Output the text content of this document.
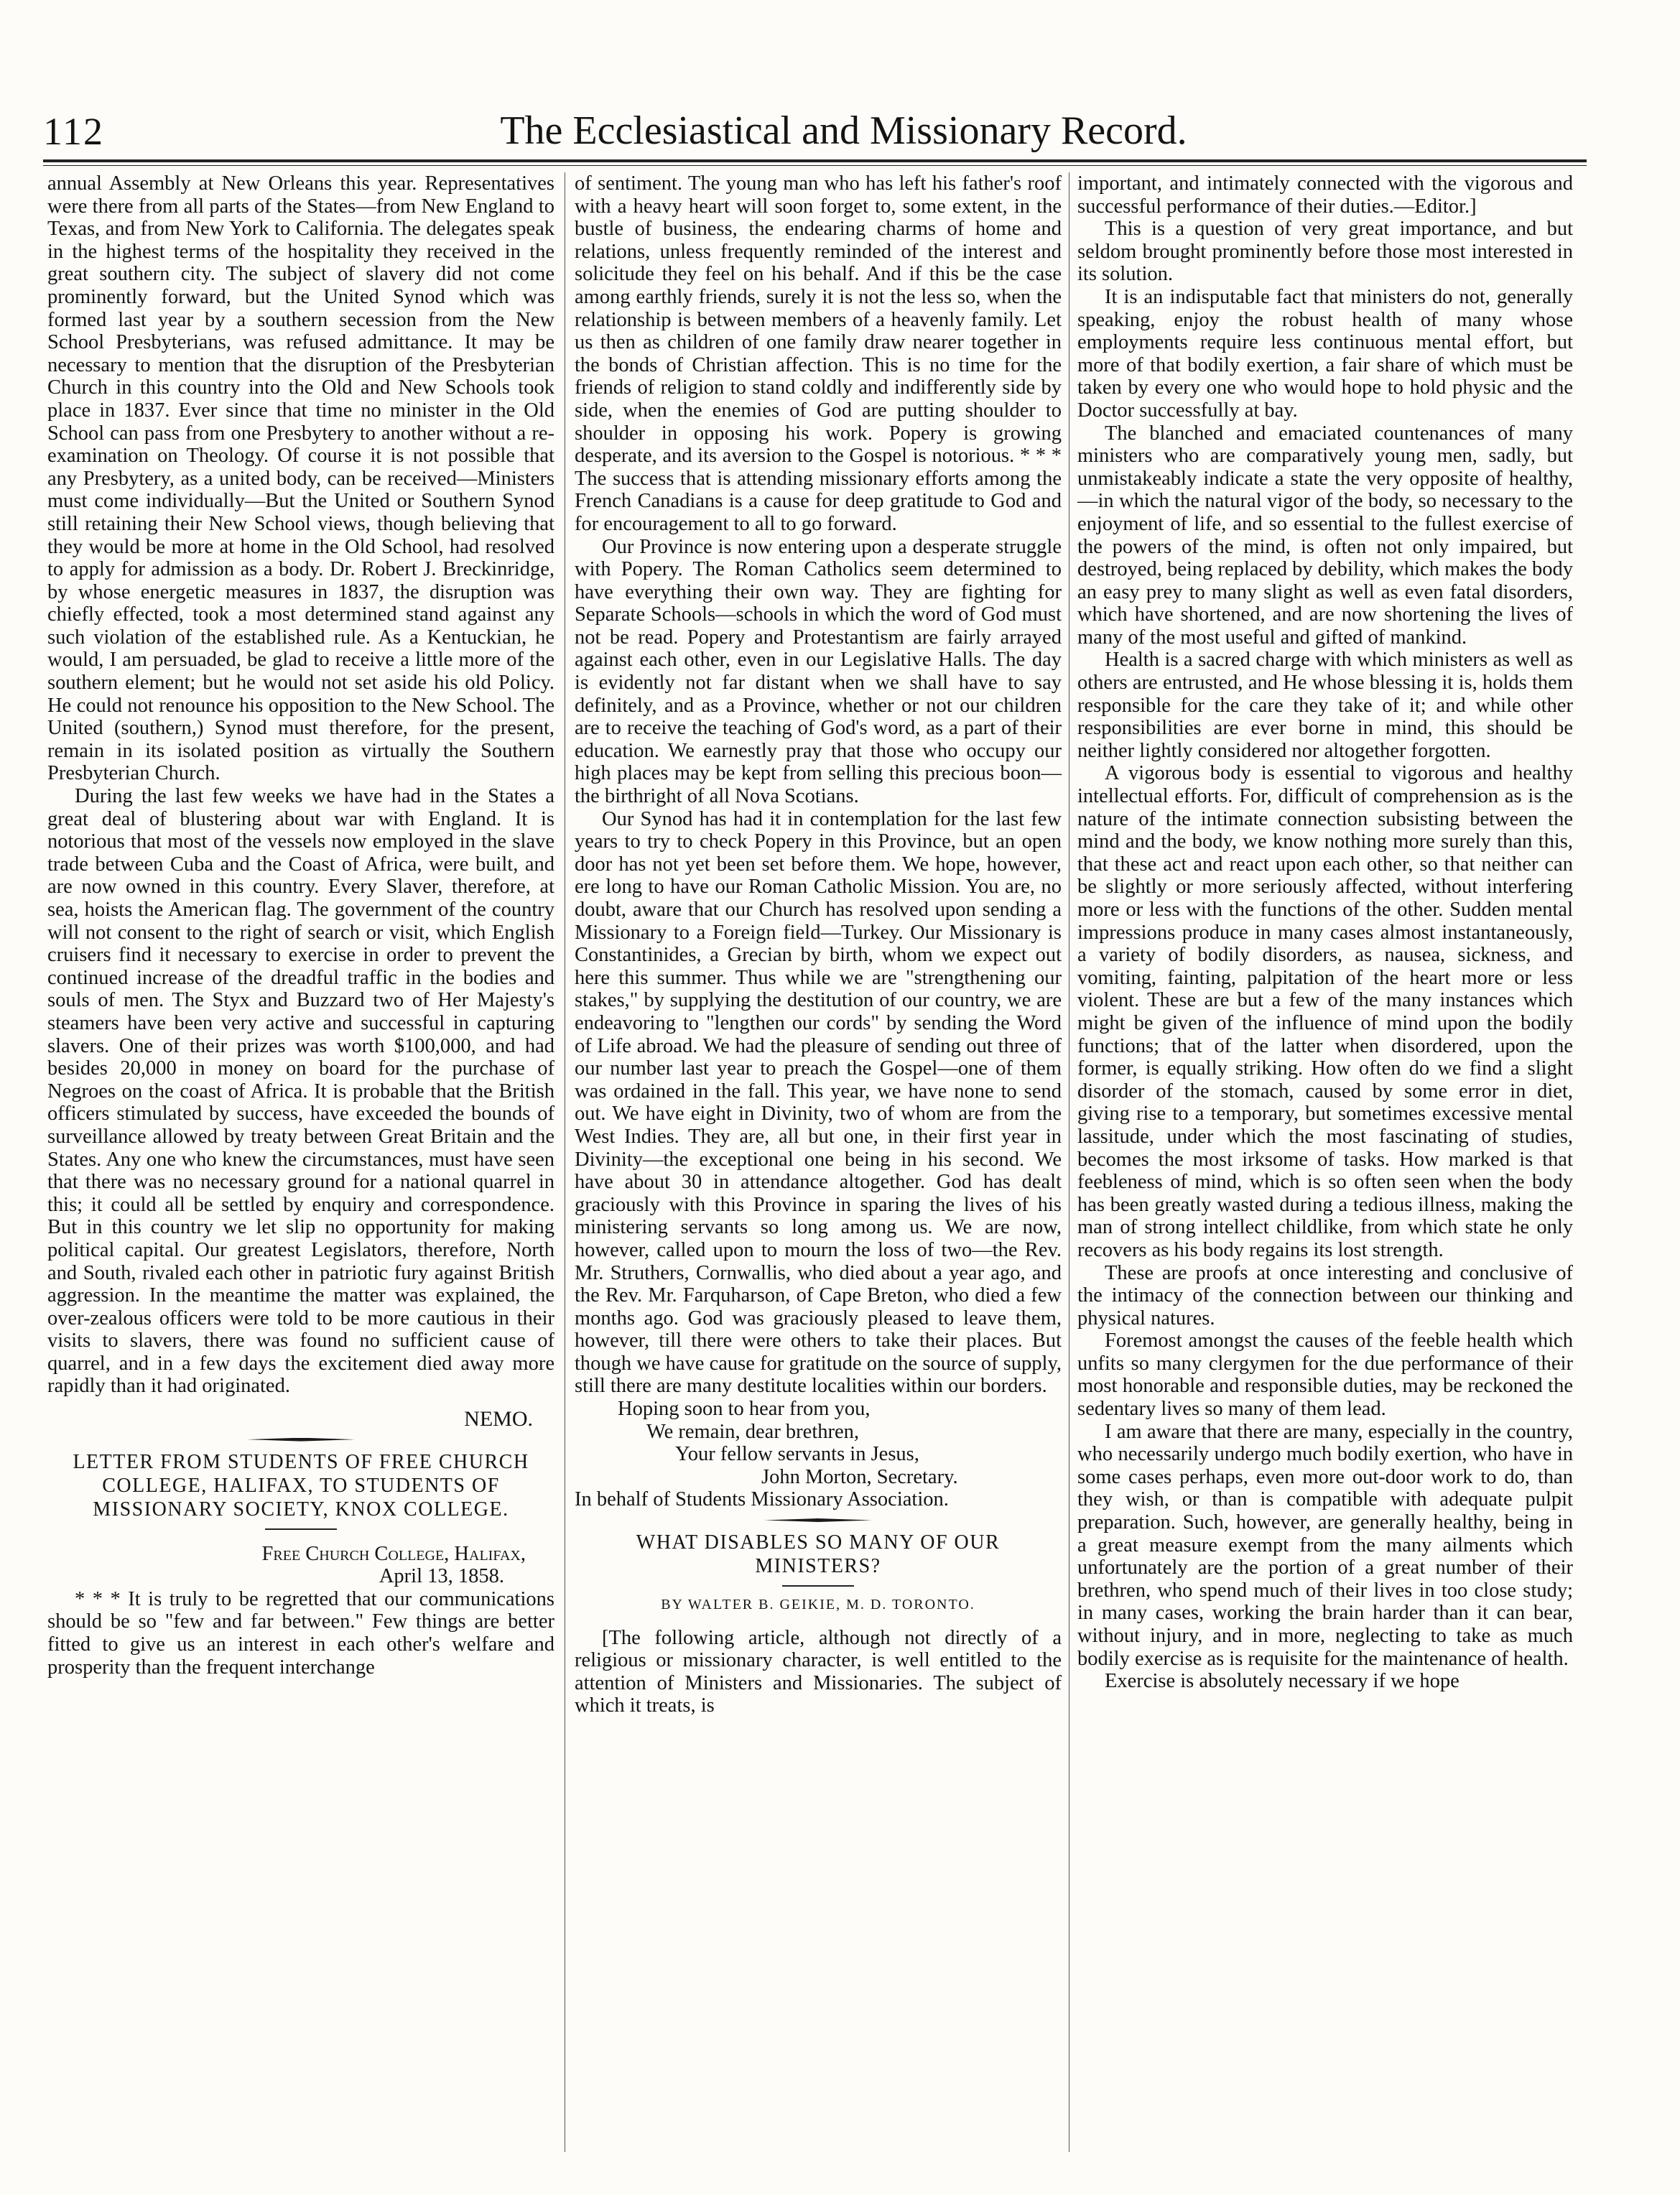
112	The Ecclesiastical and Missionary Record.

annual Assembly at New Orleans this year. Representatives were there from all parts of the States—from New England to Texas, and from New York to California. The delegates speak in the highest terms of the hospitality they received in the great southern city. The subject of slavery did not come prominently forward, but the United Synod which was formed last year by a southern secession from the New School Presbyterians, was refused admittance. It may be necessary to mention that the disruption of the Presbyterian Church in this country into the Old and New Schools took place in 1837. Ever since that time no minister in the Old School can pass from one Presbytery to another without a re-examination on Theology. Of course it is not possible that any Presbytery, as a united body, can be received—Ministers must come individually—But the United or Southern Synod still retaining their New School views, though believing that they would be more at home in the Old School, had resolved to apply for admission as a body. Dr. Robert J. Breckinridge, by whose energetic measures in 1837, the disruption was chiefly effected, took a most determined stand against any such violation of the established rule. As a Kentuckian, he would, I am persuaded, be glad to receive a little more of the southern element; but he would not set aside his old Policy. He could not renounce his opposition to the New School. The United (southern,) Synod must therefore, for the present, remain in its isolated position as virtually the Southern Presbyterian Church.

During the last few weeks we have had in the States a great deal of blustering about war with England. It is notorious that most of the vessels now employed in the slave trade between Cuba and the Coast of Africa, were built, and are now owned in this country. Every Slaver, therefore, at sea, hoists the American flag. The government of the country will not consent to the right of search or visit, which English cruisers find it necessary to exercise in order to prevent the continued increase of the dreadful traffic in the bodies and souls of men. The Styx and Buzzard two of Her Majesty's steamers have been very active and successful in capturing slavers. One of their prizes was worth $100,000, and had besides 20,000 in money on board for the purchase of Negroes on the coast of Africa. It is probable that the British officers stimulated by success, have exceeded the bounds of surveillance allowed by treaty between Great Britain and the States. Any one who knew the circumstances, must have seen that there was no necessary ground for a national quarrel in this; it could all be settled by enquiry and correspondence. But in this country we let slip no opportunity for making political capital. Our greatest Legislators, therefore, North and South, rivaled each other in patriotic fury against British aggression. In the meantime the matter was explained, the over-zealous officers were told to be more cautious in their visits to slavers, there was found no sufficient cause of quarrel, and in a few days the excitement died away more rapidly than it had originated.

NEMO.
LETTER FROM STUDENTS OF FREE CHURCH COLLEGE, HALIFAX, TO STUDENTS OF MISSIONARY SOCIETY, KNOX COLLEGE.
Free Church College, Halifax,
April 13, 1858.

* * * It is truly to be regretted that our communications should be so "few and far between." Few things are better fitted to give us an interest in each other's welfare and prosperity than the frequent interchange

of sentiment. The young man who has left his father's roof with a heavy heart will soon forget to, some extent, in the bustle of business, the endearing charms of home and relations, unless frequently reminded of the interest and solicitude they feel on his behalf. And if this be the case among earthly friends, surely it is not the less so, when the relationship is between members of a heavenly family. Let us then as children of one family draw nearer together in the bonds of Christian affection. This is no time for the friends of religion to stand coldly and indifferently side by side, when the enemies of God are putting shoulder to shoulder in opposing his work. Popery is growing desperate, and its aversion to the Gospel is notorious. * * * The success that is attending missionary efforts among the French Canadians is a cause for deep gratitude to God and for encouragement to all to go forward.

Our Province is now entering upon a desperate struggle with Popery. The Roman Catholics seem determined to have everything their own way. They are fighting for Separate Schools—schools in which the word of God must not be read. Popery and Protestantism are fairly arrayed against each other, even in our Legislative Halls. The day is evidently not far distant when we shall have to say definitely, and as a Province, whether or not our children are to receive the teaching of God's word, as a part of their education. We earnestly pray that those who occupy our high places may be kept from selling this precious boon—the birthright of all Nova Scotians.

Our Synod has had it in contemplation for the last few years to try to check Popery in this Province, but an open door has not yet been set before them. We hope, however, ere long to have our Roman Catholic Mission. You are, no doubt, aware that our Church has resolved upon sending a Missionary to a Foreign field—Turkey. Our Missionary is Constantinides, a Grecian by birth, whom we expect out here this summer. Thus while we are "strengthening our stakes," by supplying the destitution of our country, we are endeavoring to "lengthen our cords" by sending the Word of Life abroad. We had the pleasure of sending out three of our number last year to preach the Gospel—one of them was ordained in the fall. This year, we have none to send out. We have eight in Divinity, two of whom are from the West Indies. They are, all but one, in their first year in Divinity—the exceptional one being in his second. We have about 30 in attendance altogether. God has dealt graciously with this Province in sparing the lives of his ministering servants so long among us. We are now, however, called upon to mourn the loss of two—the Rev. Mr. Struthers, Cornwallis, who died about a year ago, and the Rev. Mr. Farquharson, of Cape Breton, who died a few months ago. God was graciously pleased to leave them, however, till there were others to take their places. But though we have cause for gratitude on the source of supply, still there are many destitute localities within our borders.

Hoping soon to hear from you,
We remain, dear brethren,
Your fellow servants in Jesus,
John Morton, Secretary.
In behalf of Students Missionary Association.
WHAT DISABLES SO MANY OF OUR MINISTERS?
BY WALTER B. GEIKIE, M. D. TORONTO.

[The following article, although not directly of a religious or missionary character, is well entitled to the attention of Ministers and Missionaries. The subject of which it treats, is

important, and intimately connected with the vigorous and successful performance of their duties.—Editor.]

This is a question of very great importance, and but seldom brought prominently before those most interested in its solution.

It is an indisputable fact that ministers do not, generally speaking, enjoy the robust health of many whose employments require less continuous mental effort, but more of that bodily exertion, a fair share of which must be taken by every one who would hope to hold physic and the Doctor successfully at bay.

The blanched and emaciated countenances of many ministers who are comparatively young men, sadly, but unmistakeably indicate a state the very opposite of healthy,—in which the natural vigor of the body, so necessary to the enjoyment of life, and so essential to the fullest exercise of the powers of the mind, is often not only impaired, but destroyed, being replaced by debility, which makes the body an easy prey to many slight as well as even fatal disorders, which have shortened, and are now shortening the lives of many of the most useful and gifted of mankind.

Health is a sacred charge with which ministers as well as others are entrusted, and He whose blessing it is, holds them responsible for the care they take of it; and while other responsibilities are ever borne in mind, this should be neither lightly considered nor altogether forgotten.

A vigorous body is essential to vigorous and healthy intellectual efforts. For, difficult of comprehension as is the nature of the intimate connection subsisting between the mind and the body, we know nothing more surely than this, that these act and react upon each other, so that neither can be slightly or more seriously affected, without interfering more or less with the functions of the other. Sudden mental impressions produce in many cases almost instantaneously, a variety of bodily disorders, as nausea, sickness, and vomiting, fainting, palpitation of the heart more or less violent. These are but a few of the many instances which might be given of the influence of mind upon the bodily functions; that of the latter when disordered, upon the former, is equally striking. How often do we find a slight disorder of the stomach, caused by some error in diet, giving rise to a temporary, but sometimes excessive mental lassitude, under which the most fascinating of studies, becomes the most irksome of tasks. How marked is that feebleness of mind, which is so often seen when the body has been greatly wasted during a tedious illness, making the man of strong intellect childlike, from which state he only recovers as his body regains its lost strength.

These are proofs at once interesting and conclusive of the intimacy of the connection between our thinking and physical natures.

Foremost amongst the causes of the feeble health which unfits so many clergymen for the due performance of their most honorable and responsible duties, may be reckoned the sedentary lives so many of them lead.

I am aware that there are many, especially in the country, who necessarily undergo much bodily exertion, who have in some cases perhaps, even more out-door work to do, than they wish, or than is compatible with adequate pulpit preparation. Such, however, are generally healthy, being in a great measure exempt from the many ailments which unfortunately are the portion of a great number of their brethren, who spend much of their lives in too close study; in many cases, working the brain harder than it can bear, without injury, and in more, neglecting to take as much bodily exercise as is requisite for the maintenance of health.

Exercise is absolutely necessary if we hope
